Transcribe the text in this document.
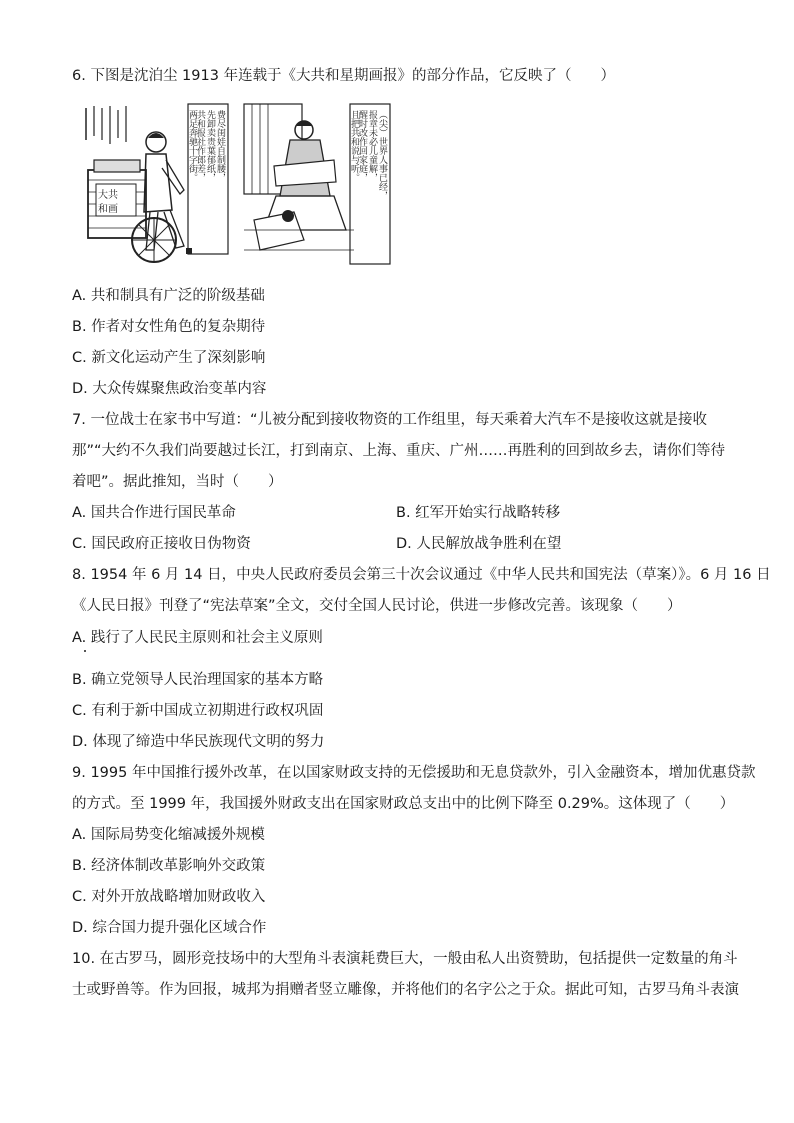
6. 下图是沈泊尘 1913 年连载于《大共和星期画报》的部分作品，它反映了（　　）
大共
和画
费尽闺娃自制腰，
先卸卖贵葉郁纸，
共和报社作郎差，
两足奔驰十字街。	（尖）世界人事已经，
报章未必儿童解，
醒时改作回家庭，
且把共和说与听。
A. 共和制具有广泛的阶级基础
B. 作者对女性角色的复杂期待
C. 新文化运动产生了深刻影响
D. 大众传媒聚焦政治变革内容
7. 一位战士在家书中写道：“儿被分配到接收物资的工作组里，每天乘着大汽车不是接收这就是接收
那”“大约不久我们尚要越过长江，打到南京、上海、重庆、广州……再胜利的回到故乡去，请你们等待
着吧”。据此推知，当时（　　）
A. 国共合作进行国民革命	B. 红军开始实行战略转移
C. 国民政府正接收日伪物资	D. 人民解放战争胜利在望
8. 1954 年 6 月 14 日，中央人民政府委员会第三十次会议通过《中华人民共和国宪法（草案）》。6 月 16 日
《人民日报》刊登了“宪法草案”全文，交付全国人民讨论，供进一步修改完善。该现象（　　）
A. 践行了人民民主原则和社会主义原则
B. 确立党领导人民治理国家的基本方略
C. 有利于新中国成立初期进行政权巩固
D. 体现了缔造中华民族现代文明的努力
9. 1995 年中国推行援外改革，在以国家财政支持的无偿援助和无息贷款外，引入金融资本，增加优惠贷款
的方式。至 1999 年，我国援外财政支出在国家财政总支出中的比例下降至 0.29%。这体现了（　　）
A. 国际局势变化缩减援外规模
B. 经济体制改革影响外交政策
C. 对外开放战略增加财政收入
D. 综合国力提升强化区域合作
10. 在古罗马，圆形竞技场中的大型角斗表演耗费巨大，一般由私人出资赞助，包括提供一定数量的角斗
士或野兽等。作为回报，城邦为捐赠者竖立雕像，并将他们的名字公之于众。据此可知，古罗马角斗表演
